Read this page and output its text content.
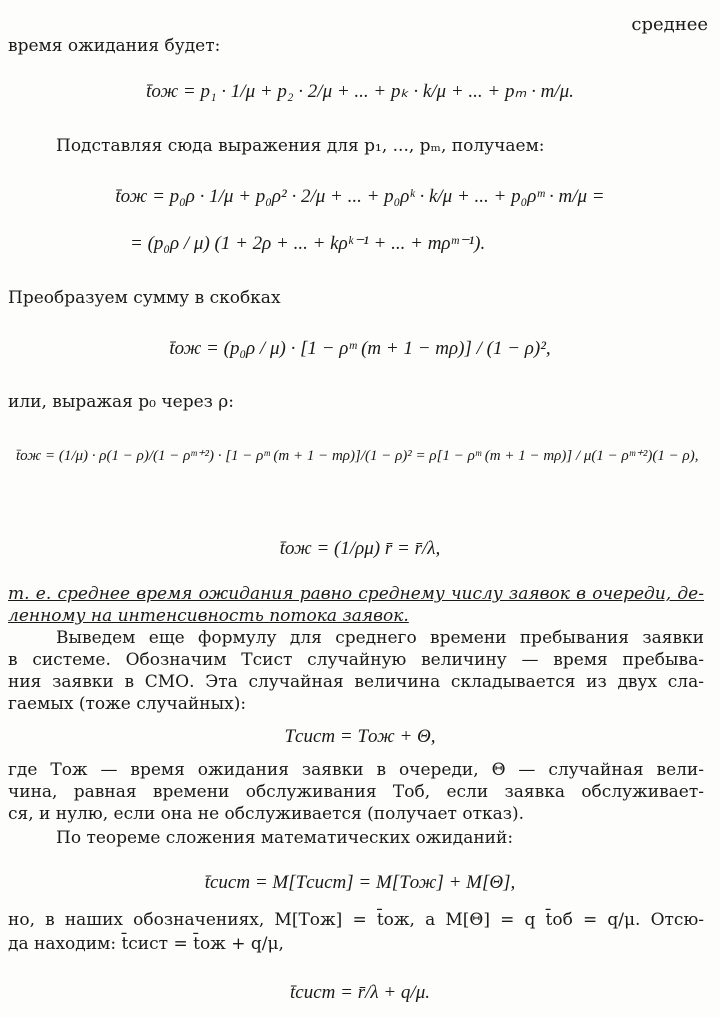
среднее
время ожидания будет:
t̄ож = p₁ · 1/μ + p₂ · 2/μ + ... + pₖ · k/μ + ... + pₘ · m/μ.
Подставляя сюда выражения для p₁, ..., pₘ, получаем:
t̄ож = p₀ρ · 1/μ + p₀ρ² · 2/μ + ... + p₀ρᵏ · k/μ + ... + p₀ρᵐ · m/μ =
= (p₀ρ / μ) (1 + 2ρ + ... + kρᵏ⁻¹ + ... + mρᵐ⁻¹).
Преобразуем сумму в скобках
t̄ож = (p₀ρ / μ) · [1 − ρᵐ (m + 1 − mρ)] / (1 − ρ)²,
или, выражая p₀ через ρ:
t̄ож = (1/μ) · ρ(1 − ρ)/(1 − ρᵐ⁺²) · [1 − ρᵐ (m + 1 − mρ)]/(1 − ρ)² = ρ[1 − ρᵐ (m + 1 − mρ)] / μ(1 − ρᵐ⁺²)(1 − ρ),
t̄ож = (1/ρμ) r̄ = r̄/λ,
т. е. среднее время ожидания равно среднему числу заявок в очереди, де-
ленному на интенсивность потока заявок.
Выведем еще формулу для среднего времени пребывания заявки
в системе. Обозначим Tсист случайную величину — время пребыва-
ния заявки в СМО. Эта случайная величина складывается из двух сла-
гаемых (тоже случайных):
Tсист = Tож + Θ,
где Tож — время ожидания заявки в очереди, Θ — случайная вели-
чина, равная времени обслуживания Tоб, если заявка обслуживает-
ся, и нулю, если она не обслуживается (получает отказ).
По теореме сложения математических ожиданий:
t̄сист = M[Tсист] = M[Tож] + M[Θ],
но, в наших обозначениях, M[Tож] = t̄ож, а M[Θ] = q t̄об = q/μ. Отсю-
да находим: t̄сист = t̄ож + q/μ,
t̄сист = r̄/λ + q/μ.
